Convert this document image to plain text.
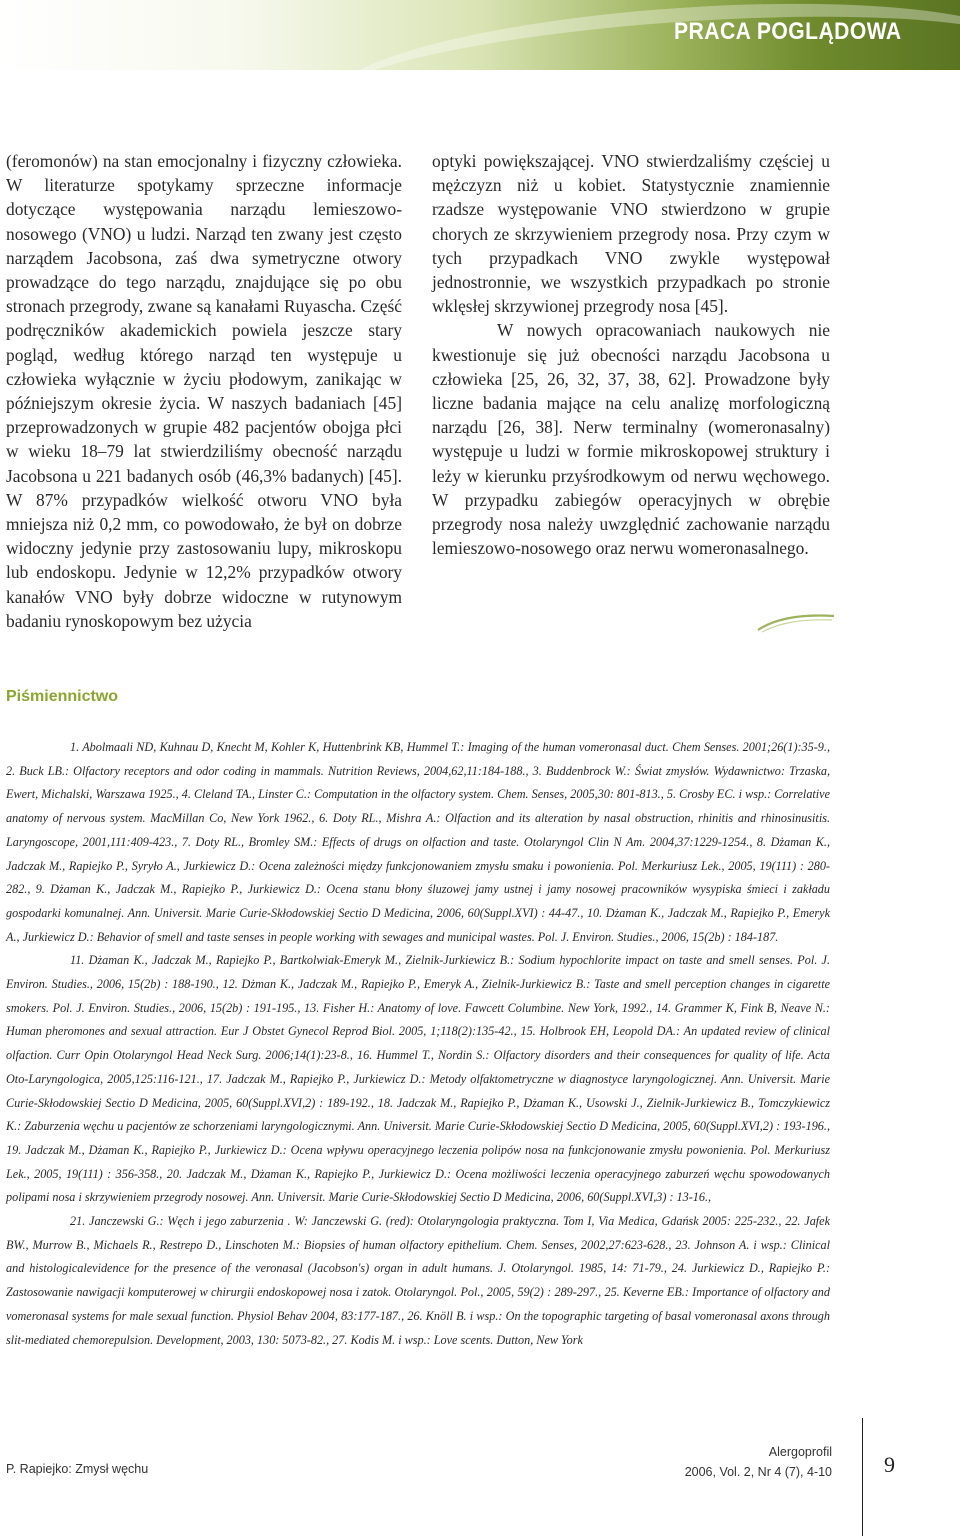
PRACA POGLĄDOWA

(feromonów) na stan emocjonalny i fizyczny człowieka. W literaturze spotykamy sprzeczne informacje dotyczące występowania narządu lemieszowo-nosowego (VNO) u ludzi. Narząd ten zwany jest często narządem Jacobsona, zaś dwa symetryczne otwory prowadzące do tego narządu, znajdujące się po obu stronach przegrody, zwane są kanałami Ruyascha. Część podręczników akademickich powiela jeszcze stary pogląd, według którego narząd ten występuje u człowieka wyłącznie w życiu płodowym, zanikając w późniejszym okresie życia. W naszych badaniach [45] przeprowadzonych w grupie 482 pacjentów obojga płci w wieku 18–79 lat stwierdziliśmy obecność narządu Jacobsona u 221 badanych osób (46,3% badanych) [45]. W 87% przypadków wielkość otworu VNO była mniejsza niż 0,2 mm, co powodowało, że był on dobrze widoczny jedynie przy zastosowaniu lupy, mikroskopu lub endoskopu. Jedynie w 12,2% przypadków otwory kanałów VNO były dobrze widoczne w rutynowym badaniu rynoskopowym bez użycia

optyki powiększającej. VNO stwierdzaliśmy częściej u mężczyzn niż u kobiet. Statystycznie znamiennie rzadsze występowanie VNO stwierdzono w grupie chorych ze skrzywieniem przegrody nosa. Przy czym w tych przypadkach VNO zwykle występował jednostronnie, we wszystkich przypadkach po stronie wklęsłej skrzywionej przegrody nosa [45].

W nowych opracowaniach naukowych nie kwestionuje się już obecności narządu Jacobsona u człowieka [25, 26, 32, 37, 38, 62]. Prowadzone były liczne badania mające na celu analizę morfologiczną narządu [26, 38]. Nerw terminalny (womeronasalny) występuje u ludzi w formie mikroskopowej struktury i leży w kierunku przyśrodkowym od nerwu węchowego. W przypadku zabiegów operacyjnych w obrębie przegrody nosa należy uwzględnić zachowanie narządu lemieszowo-nosowego oraz nerwu womeronasalnego.

Piśmiennictwo

1. Abolmaali ND, Kuhnau D, Knecht M, Kohler K, Huttenbrink KB, Hummel T.: Imaging of the human vomeronasal duct. Chem Senses. 2001;26(1):35-9., 2. Buck LB.: Olfactory receptors and odor coding in mammals. Nutrition Reviews, 2004,62,11:184-188., 3. Buddenbrock W.: Świat zmysłów. Wydawnictwo: Trzaska, Ewert, Michalski, Warszawa 1925., 4. Cleland TA., Linster C.: Computation in the olfactory system. Chem. Senses, 2005,30: 801-813., 5. Crosby EC. i wsp.: Correlative anatomy of nervous system. MacMillan Co, New York 1962., 6. Doty RL., Mishra A.: Olfaction and its alteration by nasal obstruction, rhinitis and rhinosinusitis. Laryngoscope, 2001,111:409-423., 7. Doty RL., Bromley SM.: Effects of drugs on olfaction and taste. Otolaryngol Clin N Am. 2004,37:1229-1254., 8. Dżaman K., Jadczak M., Rapiejko P., Syryło A., Jurkiewicz D.: Ocena zależności między funkcjonowaniem zmysłu smaku i powonienia. Pol. Merkuriusz Lek., 2005, 19(111) : 280-282., 9. Dżaman K., Jadczak M., Rapiejko P., Jurkiewicz D.: Ocena stanu błony śluzowej jamy ustnej i jamy nosowej pracowników wysypiska śmieci i zakładu gospodarki komunalnej. Ann. Universit. Marie Curie-Skłodowskiej Sectio D Medicina, 2006, 60(Suppl.XVI) : 44-47., 10. Dżaman K., Jadczak M., Rapiejko P., Emeryk A., Jurkiewicz D.: Behavior of smell and taste senses in people working with sewages and municipal wastes. Pol. J. Environ. Studies., 2006, 15(2b) : 184-187.

11. Dżaman K., Jadczak M., Rapiejko P., Bartkolwiak-Emeryk M., Zielnik-Jurkiewicz B.: Sodium hypochlorite impact on taste and smell senses. Pol. J. Environ. Studies., 2006, 15(2b) : 188-190., 12. Dżman K., Jadczak M., Rapiejko P., Emeryk A., Zielnik-Jurkiewicz B.: Taste and smell perception changes in cigarette smokers. Pol. J. Environ. Studies., 2006, 15(2b) : 191-195., 13. Fisher H.: Anatomy of love. Fawcett Columbine. New York, 1992., 14. Grammer K, Fink B, Neave N.: Human pheromones and sexual attraction. Eur J Obstet Gynecol Reprod Biol. 2005, 1;118(2):135-42., 15. Holbrook EH, Leopold DA.: An updated review of clinical olfaction. Curr Opin Otolaryngol Head Neck Surg. 2006;14(1):23-8., 16. Hummel T., Nordin S.: Olfactory disorders and their consequences for quality of life. Acta Oto-Laryngologica, 2005,125:116-121., 17. Jadczak M., Rapiejko P., Jurkiewicz D.: Metody olfaktometryczne w diagnostyce laryngologicznej. Ann. Universit. Marie Curie-Skłodowskiej Sectio D Medicina, 2005, 60(Suppl.XVI,2) : 189-192., 18. Jadczak M., Rapiejko P., Dżaman K., Usowski J., Zielnik-Jurkiewicz B., Tomczykiewicz K.: Zaburzenia węchu u pacjentów ze schorzeniami laryngologicznymi. Ann. Universit. Marie Curie-Skłodowskiej Sectio D Medicina, 2005, 60(Suppl.XVI,2) : 193-196., 19. Jadczak M., Dżaman K., Rapiejko P., Jurkiewicz D.: Ocena wpływu operacyjnego leczenia polipów nosa na funkcjonowanie zmysłu powonienia. Pol. Merkuriusz Lek., 2005, 19(111) : 356-358., 20. Jadczak M., Dżaman K., Rapiejko P., Jurkiewicz D.: Ocena możliwości leczenia operacyjnego zaburzeń węchu spowodowanych polipami nosa i skrzywieniem przegrody nosowej. Ann. Universit. Marie Curie-Skłodowskiej Sectio D Medicina, 2006, 60(Suppl.XVI,3) : 13-16.,

21. Janczewski G.: Węch i jego zaburzenia . W: Janczewski G. (red): Otolaryngologia praktyczna. Tom I, Via Medica, Gdańsk 2005: 225-232., 22. Jafek BW., Murrow B., Michaels R., Restrepo D., Linschoten M.: Biopsies of human olfactory epithelium. Chem. Senses, 2002,27:623-628., 23. Johnson A. i wsp.: Clinical and histologicalevidence for the presence of the veronasal (Jacobson's) organ in adult humans. J. Otolaryngol. 1985, 14: 71-79., 24. Jurkiewicz D., Rapiejko P.: Zastosowanie nawigacji komputerowej w chirurgii endoskopowej nosa i zatok. Otolaryngol. Pol., 2005, 59(2) : 289-297., 25. Keverne EB.: Importance of olfactory and vomeronasal systems for male sexual function. Physiol Behav 2004, 83:177-187., 26. Knöll B. i wsp.: On the topographic targeting of basal vomeronasal axons through slit-mediated chemorepulsion. Development, 2003, 130: 5073-82., 27. Kodis M. i wsp.: Love scents. Dutton, New York

P. Rapiejko: Zmysł węchu
Alergoprofil
2006, Vol. 2, Nr 4 (7), 4-10 9
